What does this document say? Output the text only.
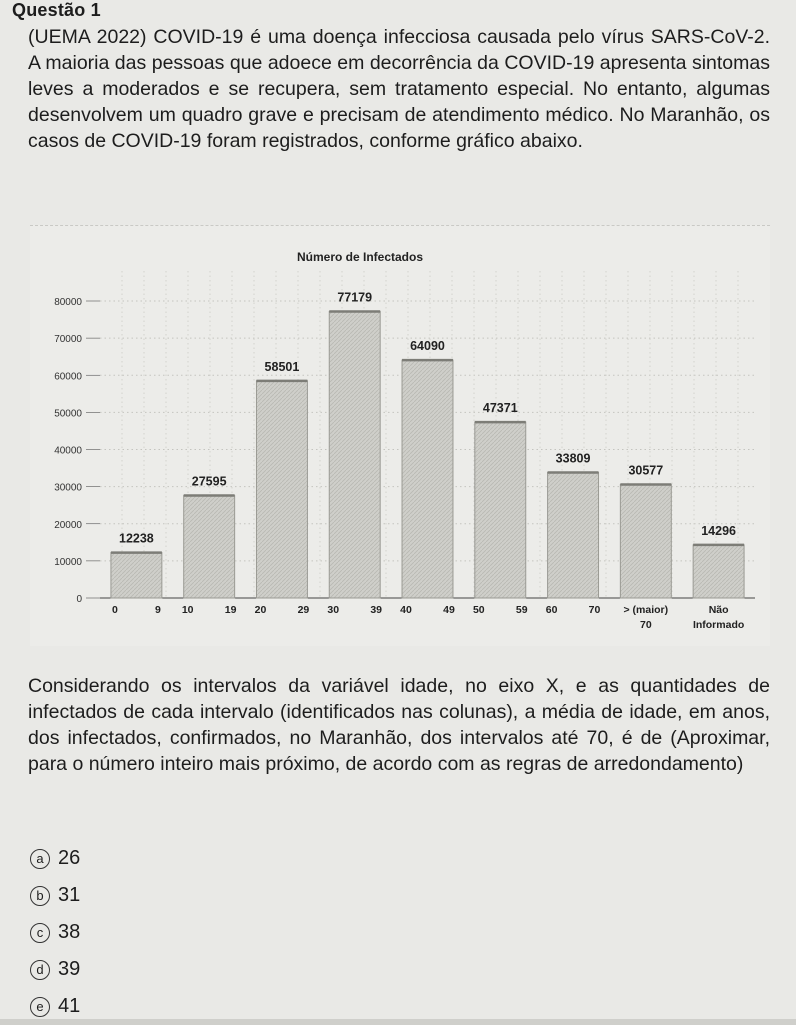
Questão 1

(UEMA 2022) COVID-19 é uma doença infecciosa causada pelo vírus SARS-CoV-2. A maioria das pessoas que adoece em decorrência da COVID-19 apresenta sintomas leves a moderados e se recupera, sem tratamento especial. No entanto, algumas desenvolvem um quadro grave e precisam de atendimento médico. No Maranhão, os casos de COVID-19 foram registrados, conforme gráfico abaixo.

Número de Infectados
0
10000
20000
30000
40000
50000
60000
70000
80000
12238
0	9
27595
10	19
58501
20	29
77179
30	39
64090
40	49
47371
50	59
33809
60	70
30577
> (maior)
70
14296
Não
Informado

Considerando os intervalos da variável idade, no eixo X, e as quantidades de infectados de cada intervalo (identificados nas colunas), a média de idade, em anos, dos infectados, confirmados, no Maranhão, dos intervalos até 70, é de (Aproximar, para o número inteiro mais próximo, de acordo com as regras de arredondamento)

a 26
b 31
c 38
d 39
e 41
